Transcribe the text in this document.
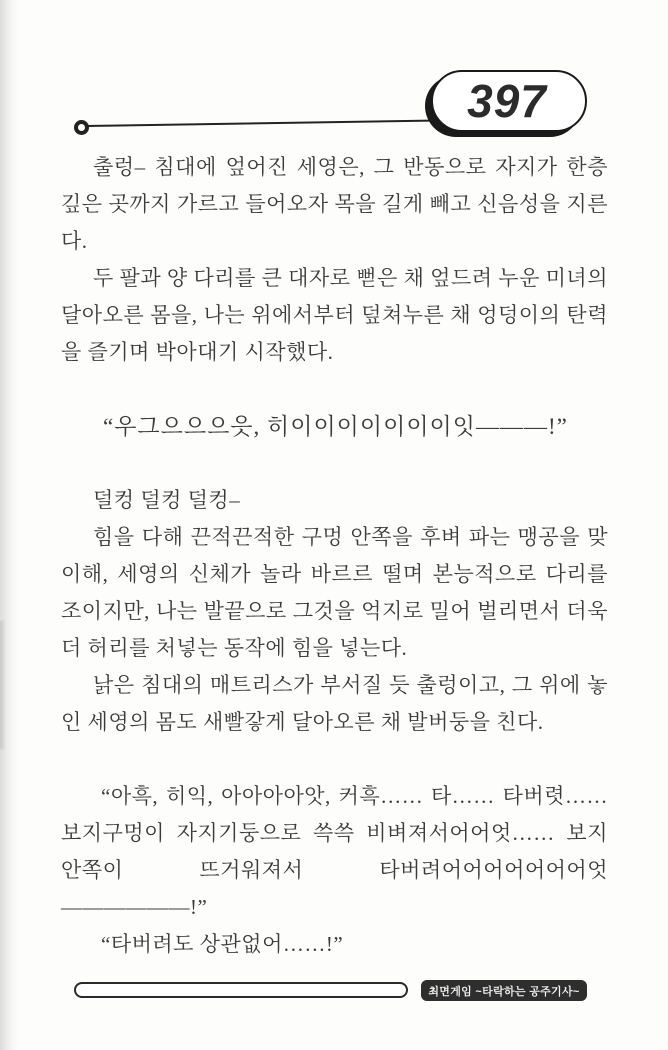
397

출렁– 침대에 엎어진 세영은, 그 반동으로 자지가 한층 깊은 곳까지 가르고 들어오자 목을 길게 빼고 신음성을 지른다.

두 팔과 양 다리를 큰 대자로 뻗은 채 엎드려 누운 미녀의 달아오른 몸을, 나는 위에서부터 덮쳐누른 채 엉덩이의 탄력을 즐기며 박아대기 시작했다.

“우그으으으읏, 히이이이이이이이잇———!”

덜컹 덜컹 덜컹–

힘을 다해 끈적끈적한 구멍 안쪽을 후벼 파는 맹공을 맞이해, 세영의 신체가 놀라 바르르 떨며 본능적으로 다리를 조이지만, 나는 발끝으로 그것을 억지로 밀어 벌리면서 더욱 더 허리를 처넣는 동작에 힘을 넣는다.

낡은 침대의 매트리스가 부서질 듯 출렁이고, 그 위에 놓인 세영의 몸도 새빨갛게 달아오른 채 발버둥을 친다.

“아흑, 히익, 아아아아앗, 커흑…… 타…… 타버렷…… 보지구멍이 자지기둥으로 쓱쓱 비벼져서어어엇…… 보지 안쪽이 뜨거워져서 타버려어어어어어어어엇——————!”

“타버려도 상관없어……!”

최면게임 ~타락하는 공주기사~
